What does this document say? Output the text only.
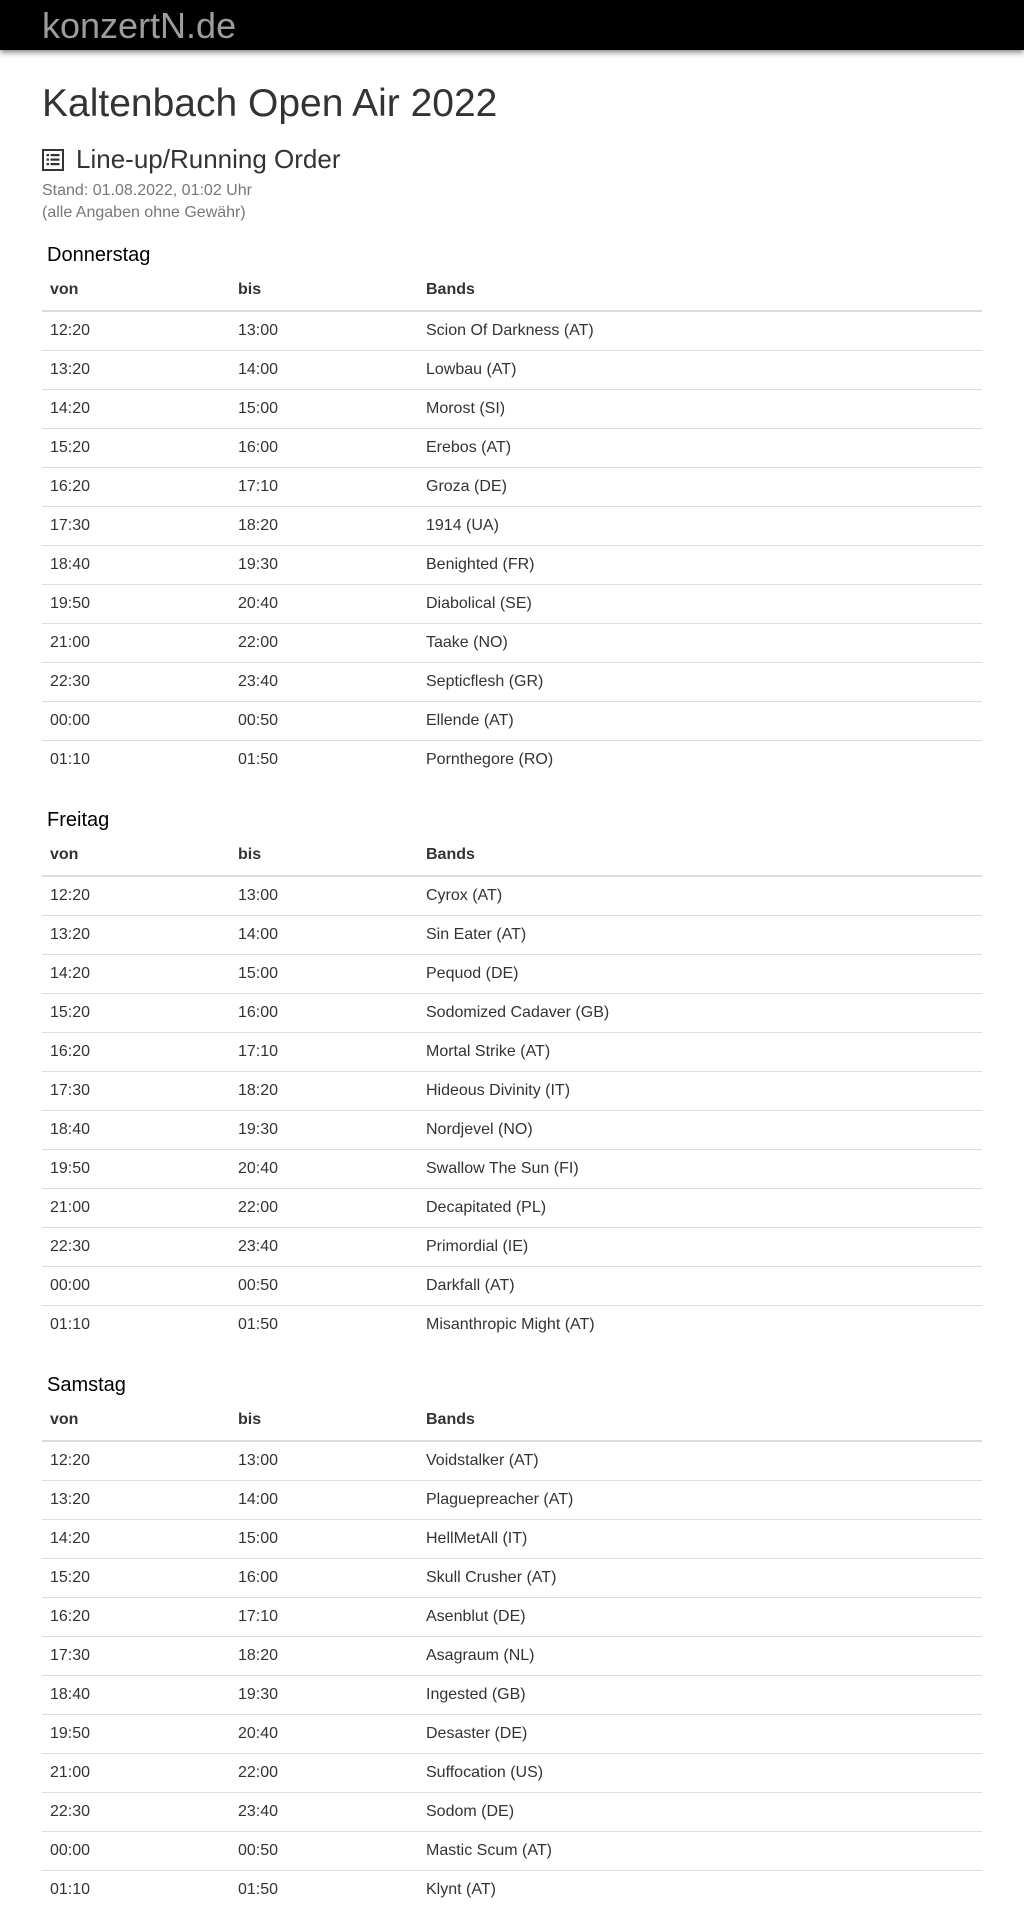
konzertN.de
Kaltenbach Open Air 2022
Line-up/Running Order
Stand: 01.08.2022, 01:02 Uhr
(alle Angaben ohne Gewähr)
Donnerstag
von	bis	Bands
12:20	13:00	Scion Of Darkness (AT)
13:20	14:00	Lowbau (AT)
14:20	15:00	Morost (SI)
15:20	16:00	Erebos (AT)
16:20	17:10	Groza (DE)
17:30	18:20	1914 (UA)
18:40	19:30	Benighted (FR)
19:50	20:40	Diabolical (SE)
21:00	22:00	Taake (NO)
22:30	23:40	Septicflesh (GR)
00:00	00:50	Ellende (AT)
01:10	01:50	Pornthegore (RO)
Freitag
von	bis	Bands
12:20	13:00	Cyrox (AT)
13:20	14:00	Sin Eater (AT)
14:20	15:00	Pequod (DE)
15:20	16:00	Sodomized Cadaver (GB)
16:20	17:10	Mortal Strike (AT)
17:30	18:20	Hideous Divinity (IT)
18:40	19:30	Nordjevel (NO)
19:50	20:40	Swallow The Sun (FI)
21:00	22:00	Decapitated (PL)
22:30	23:40	Primordial (IE)
00:00	00:50	Darkfall (AT)
01:10	01:50	Misanthropic Might (AT)
Samstag
von	bis	Bands
12:20	13:00	Voidstalker (AT)
13:20	14:00	Plaguepreacher (AT)
14:20	15:00	HellMetAll (IT)
15:20	16:00	Skull Crusher (AT)
16:20	17:10	Asenblut (DE)
17:30	18:20	Asagraum (NL)
18:40	19:30	Ingested (GB)
19:50	20:40	Desaster (DE)
21:00	22:00	Suffocation (US)
22:30	23:40	Sodom (DE)
00:00	00:50	Mastic Scum (AT)
01:10	01:50	Klynt (AT)
